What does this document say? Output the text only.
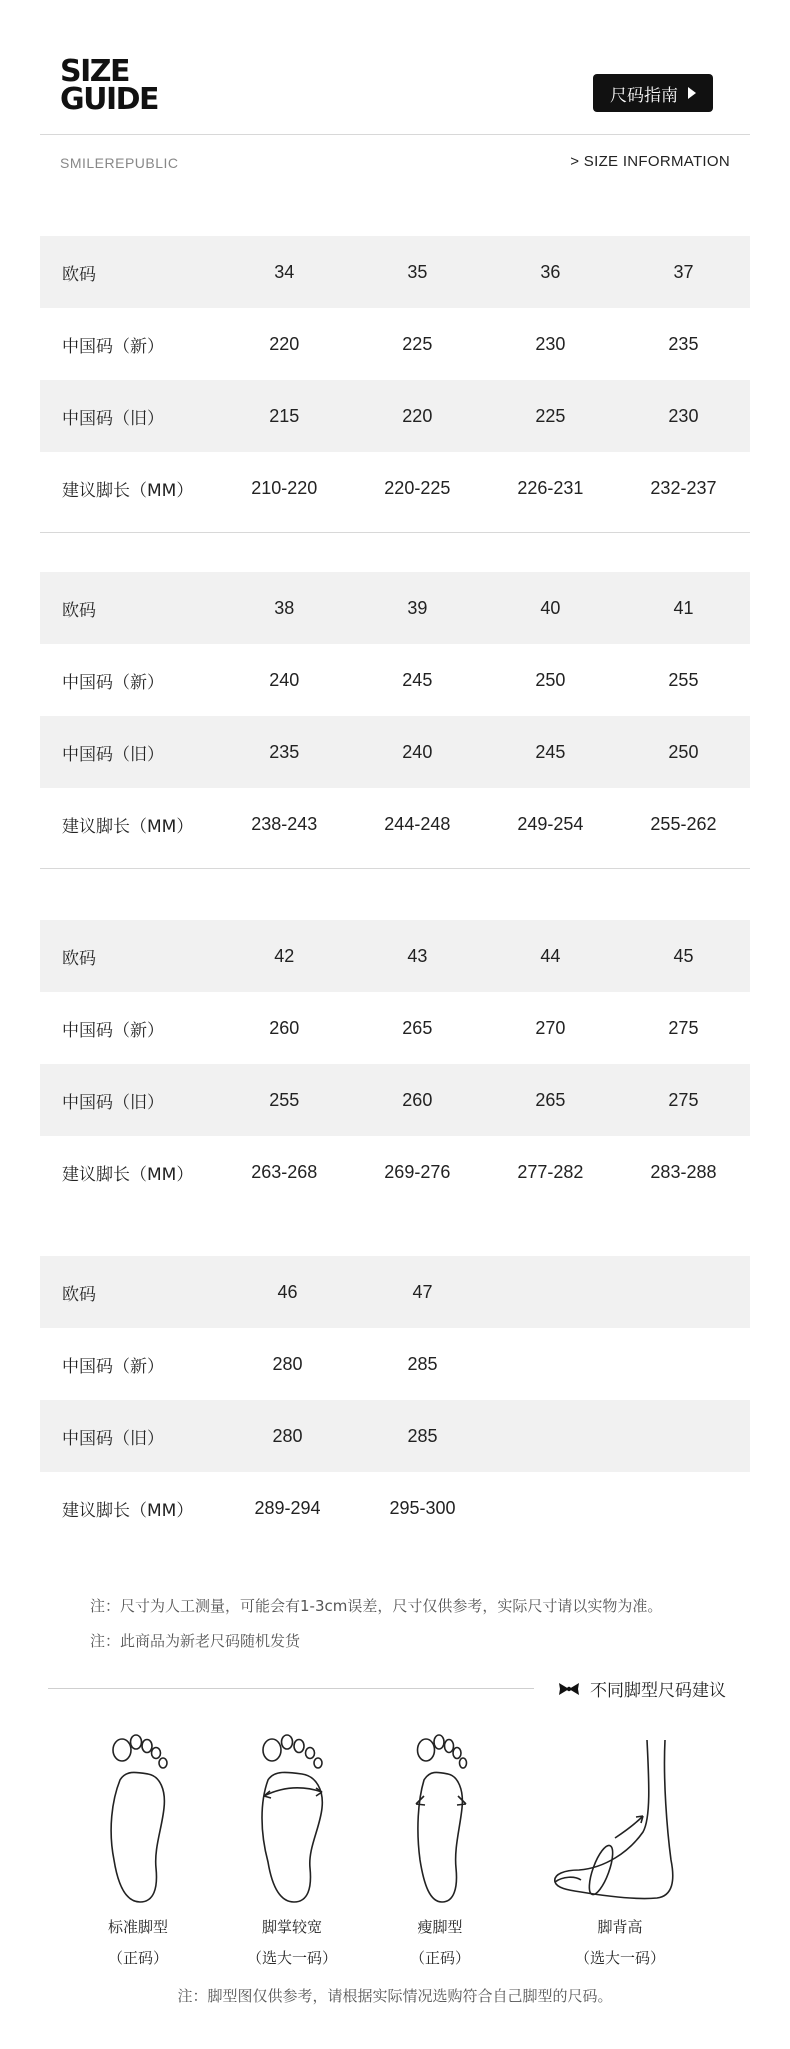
SIZE
GUIDE	尺码指南
SMILEREPUBLIC	> SIZE INFORMATION
欧码	34	35	36	37
中国码（新）	220	225	230	235
中国码（旧）	215	220	225	230
建议脚长（MM）	210-220	220-225	226-231	232-237
欧码	38	39	40	41
中国码（新）	240	245	250	255
中国码（旧）	235	240	245	250
建议脚长（MM）	238-243	244-248	249-254	255-262
欧码	42	43	44	45
中国码（新）	260	265	270	275
中国码（旧）	255	260	265	275
建议脚长（MM）	263-268	269-276	277-282	283-288
欧码	46	47
中国码（新）	280	285
中国码（旧）	280	285
建议脚长（MM）	289-294	295-300
注：尺寸为人工测量，可能会有1-3cm误差，尺寸仅供参考，实际尺寸请以实物为准。
注：此商品为新老尺码随机发货
不同脚型尺码建议
标准脚型
（正码）
脚掌较宽
（选大一码）
瘦脚型
（正码）
脚背高
（选大一码）
注：脚型图仅供参考，请根据实际情况选购符合自己脚型的尺码。
